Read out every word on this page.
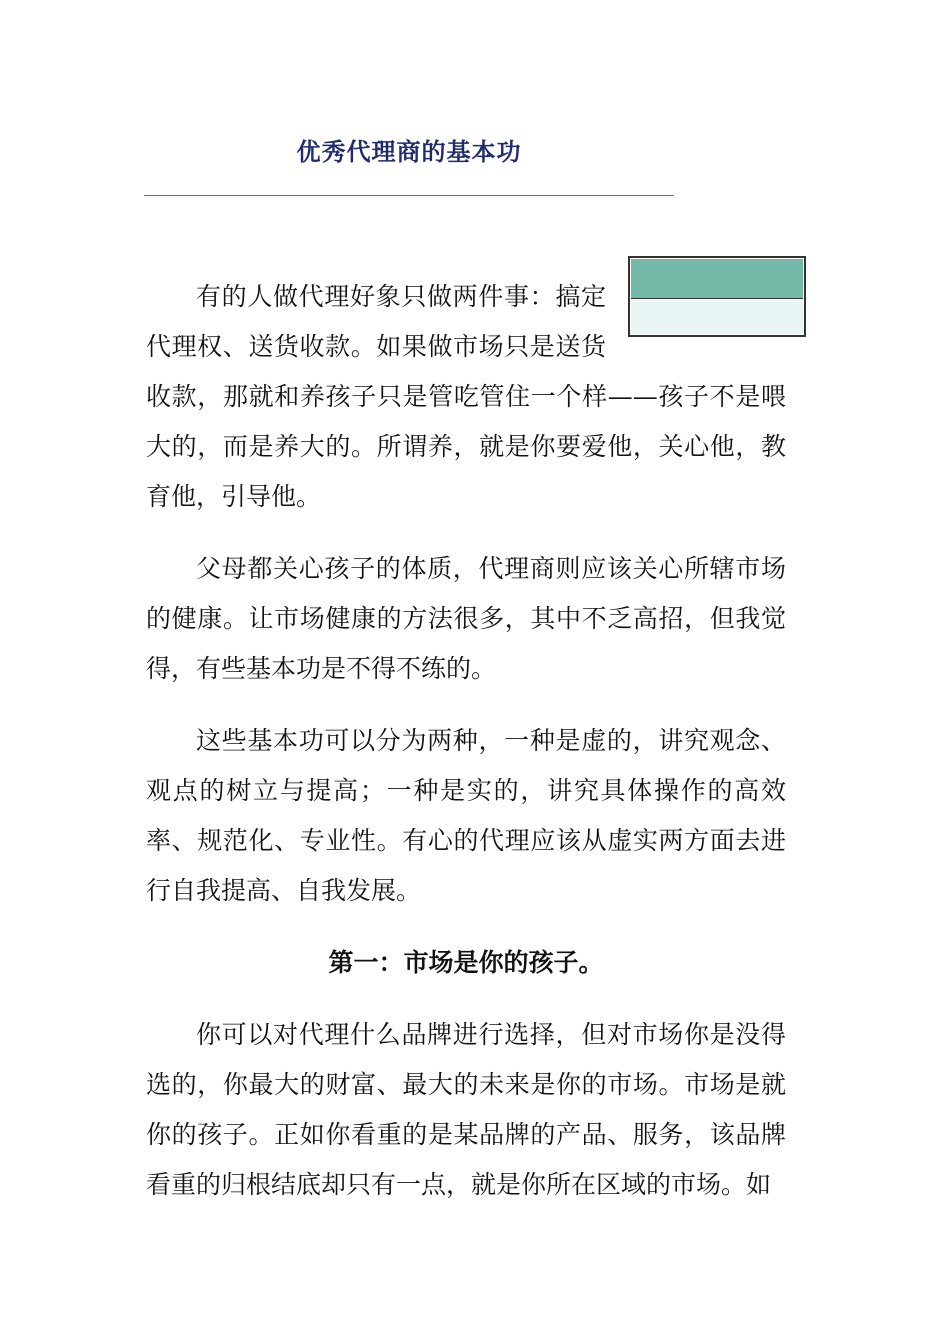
优秀代理商的基本功

有的人做代理好象只做两件事：搞定代理权、送货收款。如果做市场只是送货收款，那就和养孩子只是管吃管住一个样——孩子不是喂大的，而是养大的。所谓养，就是你要爱他，关心他，教育他，引导他。

父母都关心孩子的体质，代理商则应该关心所辖市场的健康。让市场健康的方法很多，其中不乏高招，但我觉得，有些基本功是不得不练的。

这些基本功可以分为两种，一种是虚的，讲究观念、观点的树立与提高；一种是实的，讲究具体操作的高效率、规范化、专业性。有心的代理应该从虚实两方面去进行自我提高、自我发展。

第一：市场是你的孩子。

你可以对代理什么品牌进行选择，但对市场你是没得选的，你最大的财富、最大的未来是你的市场。市场是就你的孩子。正如你看重的是某品牌的产品、服务，该品牌看重的归根结底却只有一点，就是你所在区域的市场。如
